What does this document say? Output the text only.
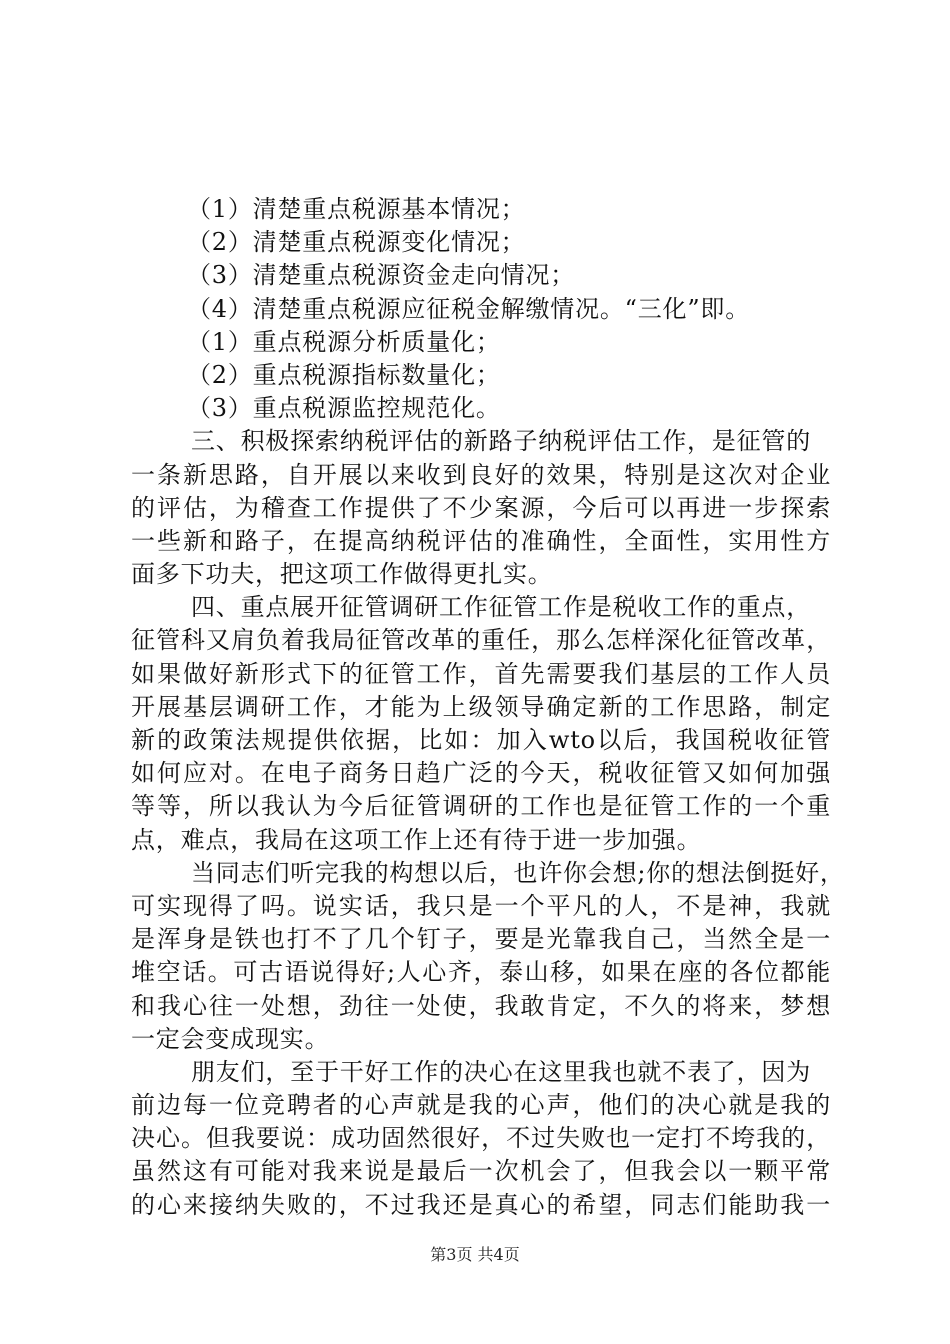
（1）清楚重点税源基本情况；
（2）清楚重点税源变化情况；
（3）清楚重点税源资金走向情况；
（4）清楚重点税源应征税金解缴情况。“三化”即。
（1）重点税源分析质量化；
（2）重点税源指标数量化；
（3）重点税源监控规范化。
三、积极探索纳税评估的新路子纳税评估工作，是征管的
一条新思路，自开展以来收到良好的效果，特别是这次对企业
的评估，为稽查工作提供了不少案源，今后可以再进一步探索
一些新和路子，在提高纳税评估的准确性，全面性，实用性方
面多下功夫，把这项工作做得更扎实。
四、重点展开征管调研工作征管工作是税收工作的重点，
征管科又肩负着我局征管改革的重任，那么怎样深化征管改革，
如果做好新形式下的征管工作，首先需要我们基层的工作人员
开展基层调研工作，才能为上级领导确定新的工作思路，制定
新的政策法规提供依据，比如：加入wto以后，我国税收征管
如何应对。在电子商务日趋广泛的今天，税收征管又如何加强
等等，所以我认为今后征管调研的工作也是征管工作的一个重
点，难点，我局在这项工作上还有待于进一步加强。
当同志们听完我的构想以后，也许你会想;你的想法倒挺好，
可实现得了吗。说实话，我只是一个平凡的人，不是神，我就
是浑身是铁也打不了几个钉子，要是光靠我自己，当然全是一
堆空话。可古语说得好;人心齐，泰山移，如果在座的各位都能
和我心往一处想，劲往一处使，我敢肯定，不久的将来，梦想
一定会变成现实。
朋友们，至于干好工作的决心在这里我也就不表了，因为
前边每一位竞聘者的心声就是我的心声，他们的决心就是我的
决心。但我要说：成功固然很好，不过失败也一定打不垮我的，
虽然这有可能对我来说是最后一次机会了，但我会以一颗平常
的心来接纳失败的，不过我还是真心的希望，同志们能助我一
第3页 共4页
